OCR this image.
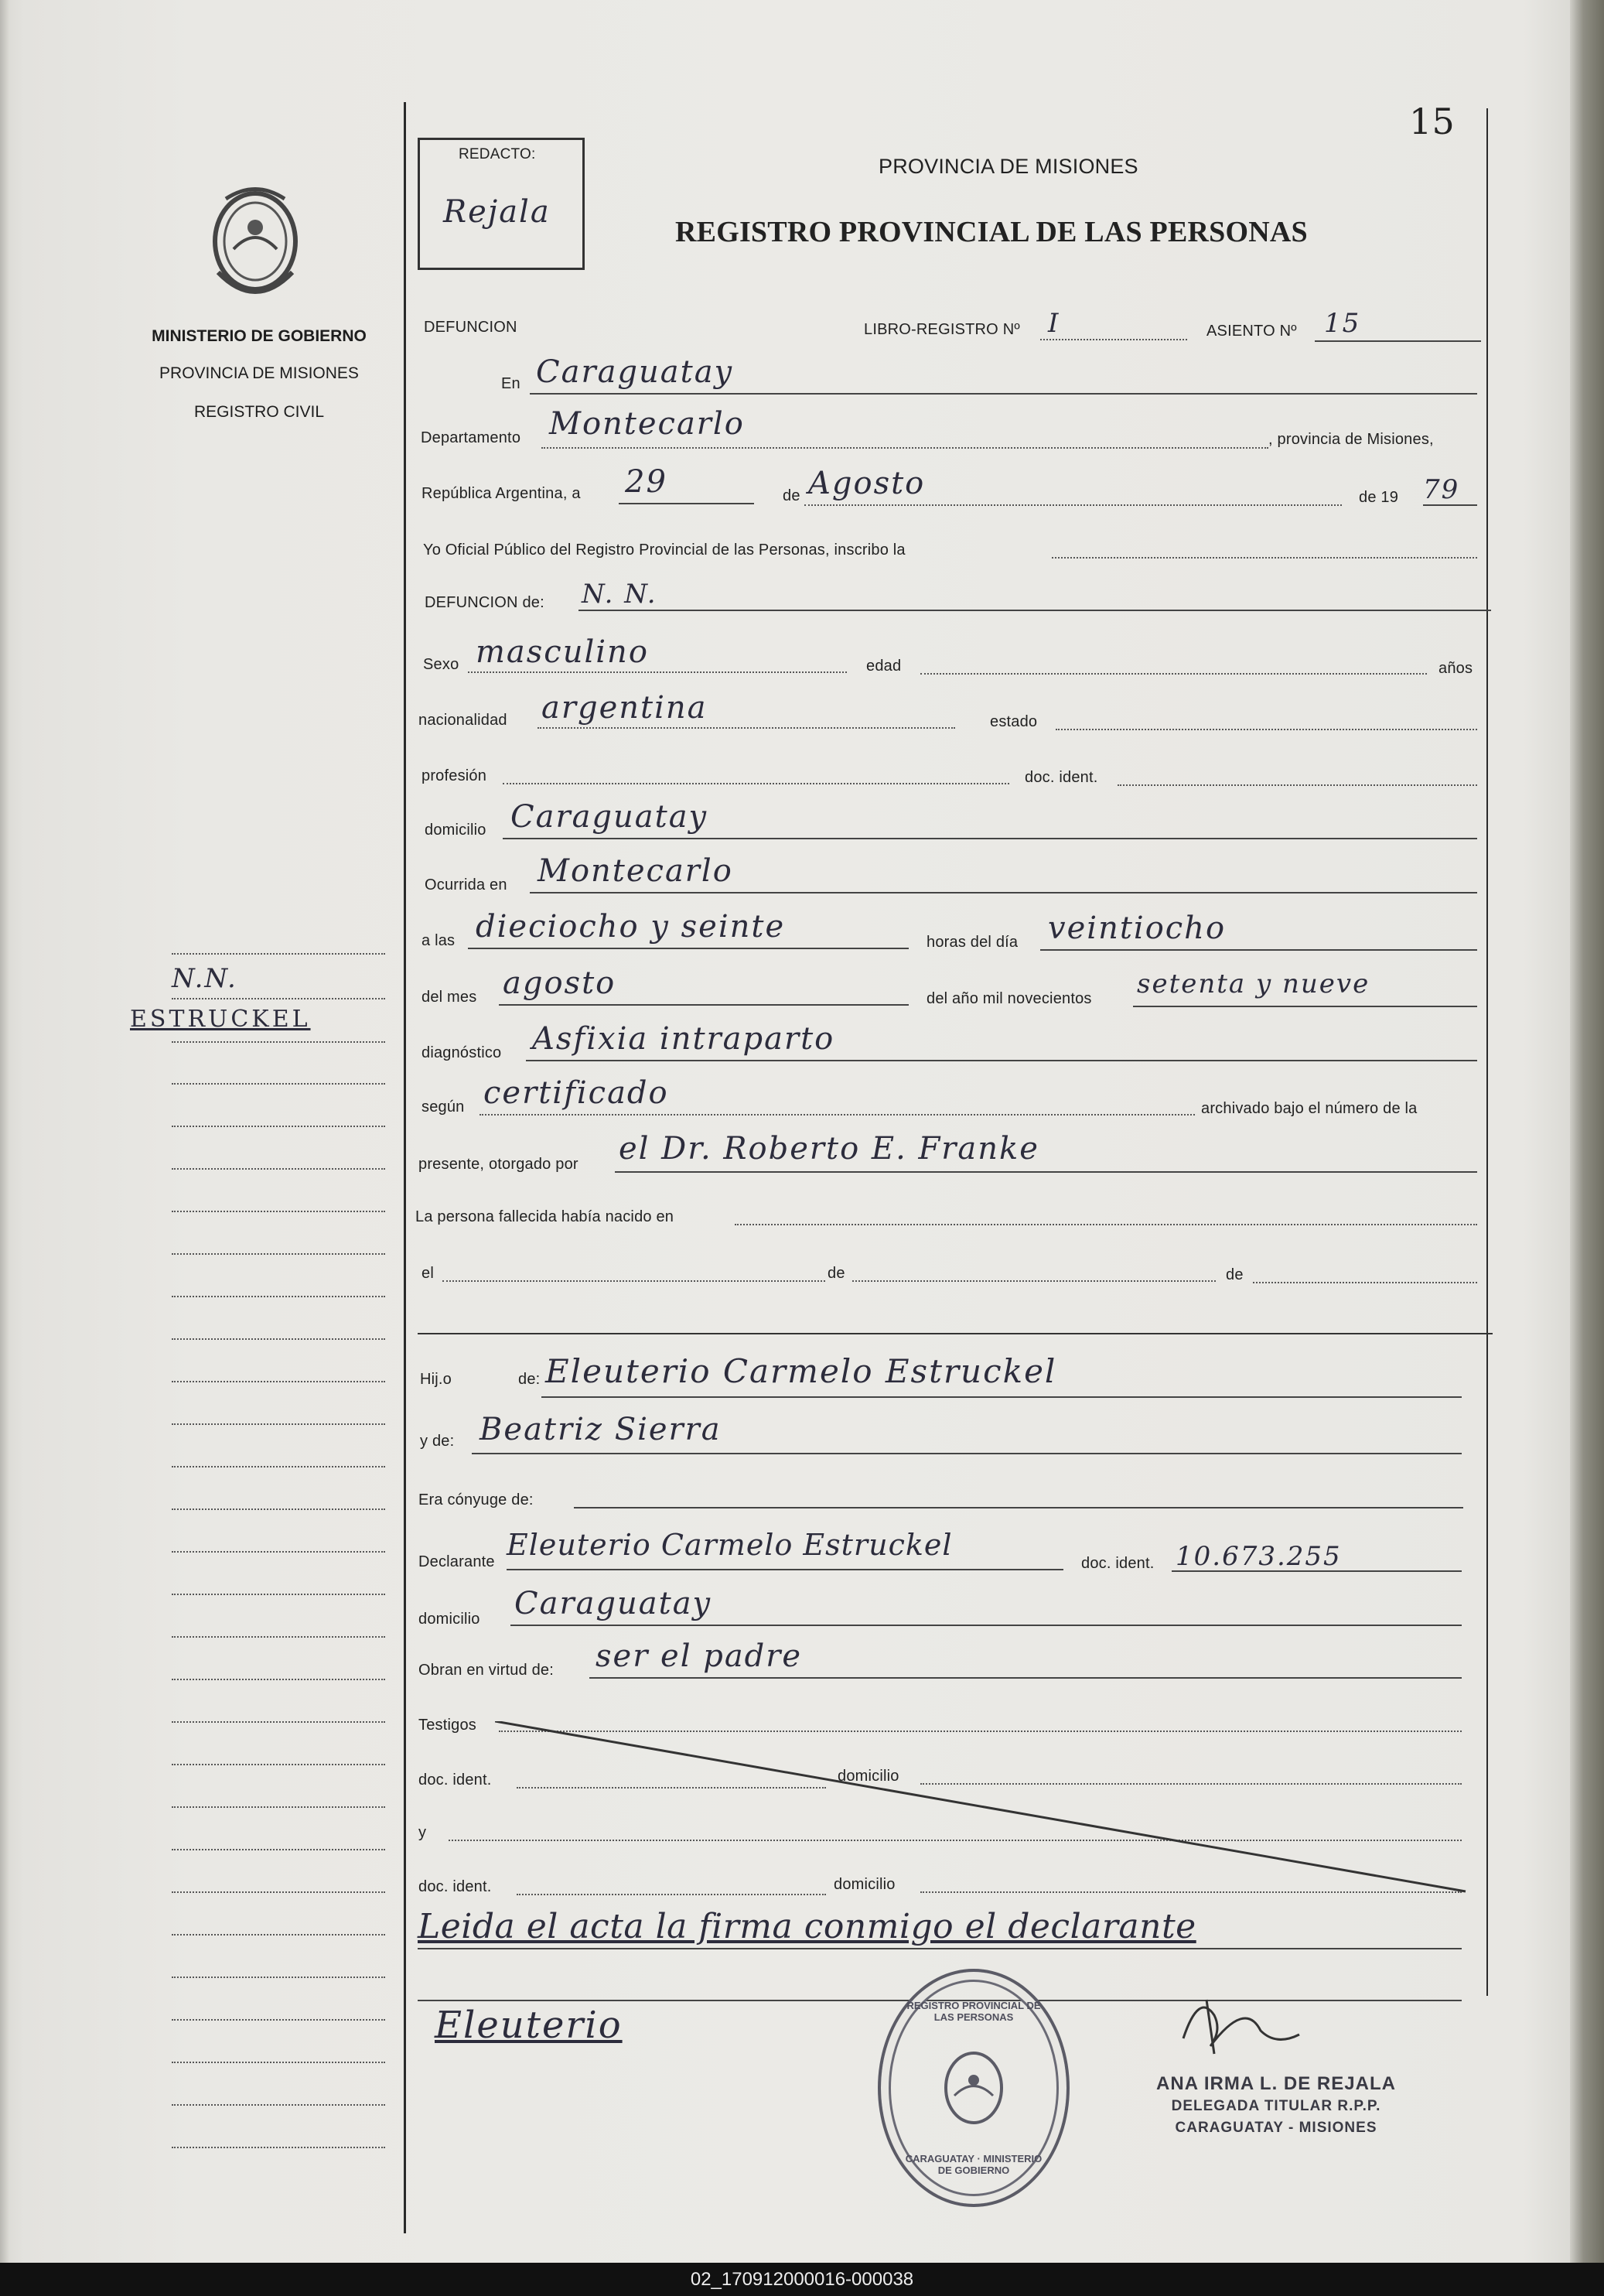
MINISTERIO DE GOBIERNO
PROVINCIA DE MISIONES
REGISTRO CIVIL
N.N.
ESTRUCKEL
15
REDACTO:
Rejala
PROVINCIA DE MISIONES
REGISTRO PROVINCIAL DE LAS PERSONAS
DEFUNCION	LIBRO-REGISTRO Nº I	ASIENTO Nº 15
En Caraguatay
Departamento Montecarlo	, provincia de Misiones,
República Argentina, a 29	de Agosto	de 19 79
Yo Oficial Público del Registro Provincial de las Personas, inscribo la
DEFUNCION de: N. N.
Sexo masculino	edad	años
nacionalidad argentina	estado
profesión	doc. ident.
domicilio Caraguatay
Ocurrida en Montecarlo
a las dieciocho y seinte	horas del día veintiocho
del mes agosto	del año mil novecientos setenta y nueve
diagnóstico Asfixia intraparto
según certificado	archivado bajo el número de la
presente, otorgado por el Dr. Roberto E. Franke
La persona fallecida había nacido en
el	de	de
Hij.o	de: Eleuterio Carmelo Estruckel
y de: Beatriz Sierra
Era cónyuge de:
Declarante Eleuterio Carmelo Estruckel
doc. ident. 10.673.255
domicilio Caraguatay
Obran en virtud de: ser el padre
Testigos
doc. ident.	domicilio
y
doc. ident.	domicilio
Leida el acta la firma conmigo el declarante
Eleuterio	REGISTRO PROVINCIAL DE LAS PERSONAS
CARAGUATAY · MINISTERIO DE GOBIERNO
ANA IRMA L. DE REJALA
DELEGADA TITULAR R.P.P.
CARAGUATAY - MISIONES
02_170912000016-000038
